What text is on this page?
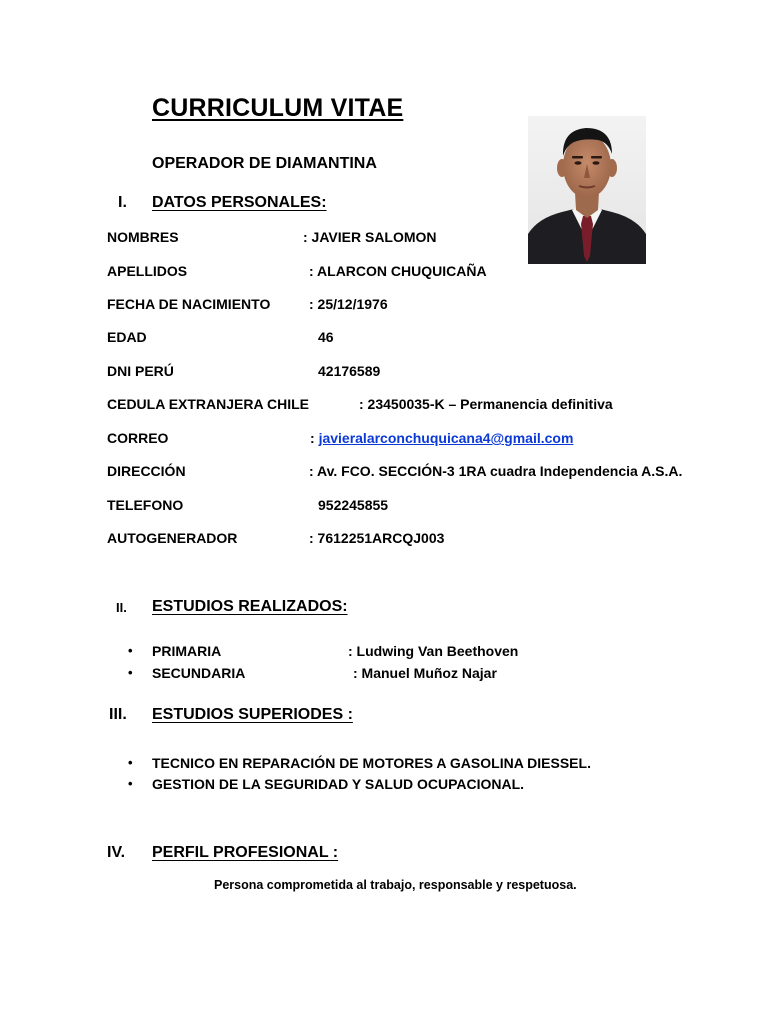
CURRICULUM VITAE
OPERADOR DE DIAMANTINA
I. DATOS PERSONALES:
NOMBRES	: JAVIER SALOMON
APELLIDOS	: ALARCON CHUQUICAÑA
FECHA DE NACIMIENTO	: 25/12/1976
EDAD	46
DNI PERÚ	42176589
CEDULA EXTRANJERA CHILE	: 23450035-K – Permanencia definitiva
CORREO	: javieralarconchuquicana4@gmail.com
DIRECCIÓN	: Av. FCO. SECCIÓN-3 1RA cuadra Independencia A.S.A.
TELEFONO	952245855
AUTOGENERADOR	: 7612251ARCQJ003
II. ESTUDIOS REALIZADOS:
• PRIMARIA	: Ludwing Van Beethoven
• SECUNDARIA	: Manuel Muñoz Najar
III. ESTUDIOS SUPERIODES :
• TECNICO EN REPARACIÓN DE MOTORES A GASOLINA DIESSEL.
• GESTION DE LA SEGURIDAD Y SALUD OCUPACIONAL.
IV. PERFIL PROFESIONAL :
Persona comprometida al trabajo, responsable y respetuosa.
